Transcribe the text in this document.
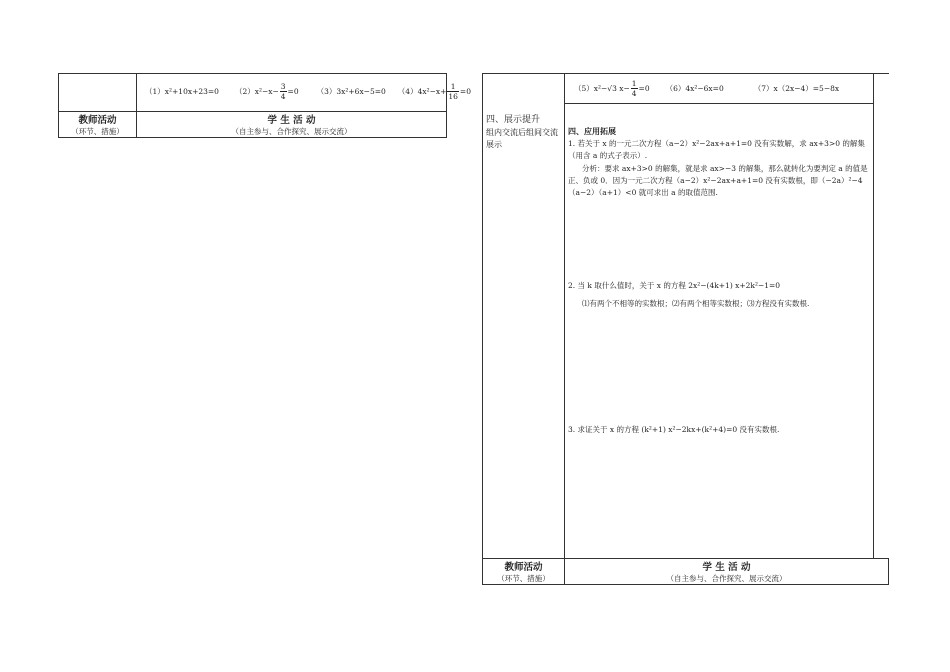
（1）x²+10x+23=0 $(2)x^2-x- \frac{3}{4} =0$ （3）3x²+6x−5=0 $(4)4x^2-x+ \frac{1}{16} =0$
教师活动
（环节、措施）
学 生 活 动
（自主参与、合作探究、展示交流）
四、展示提升
组内交流后组间交流展示
（5）x²−√3 $x- \frac{1}{4} =0$ （6）4x²−6x=0	（7）x（2x−4）=5−8x
四、应用拓展
1. 若关于 x 的一元二次方程（a−2）x²−2ax+a+1=0 没有实数解，求 ax+3>0 的解集（用含 a 的式子表示）.
分析：要求 ax+3>0 的解集，就是求 ax>−3 的解集，那么就转化为要判定 a 的值是正、负或 0．因为一元二次方程（a−2）x²−2ax+a+1=0 没有实数根，即（−2a）²−4（a−2）（a+1）<0 就可求出 a 的取值范围.
2. 当 k 取什么值时，关于 x 的方程 2x²−(4k+1) x+2k²−1=0
⑴有两个不相等的实数根；⑵有两个相等实数根；⑶方程没有实数根.
3. 求证关于 x 的方程 (k²+1) x²−2kx+(k²+4)=0 没有实数根.
教师活动
（环节、措施）
学 生 活 动
（自主参与、合作探究、展示交流）
